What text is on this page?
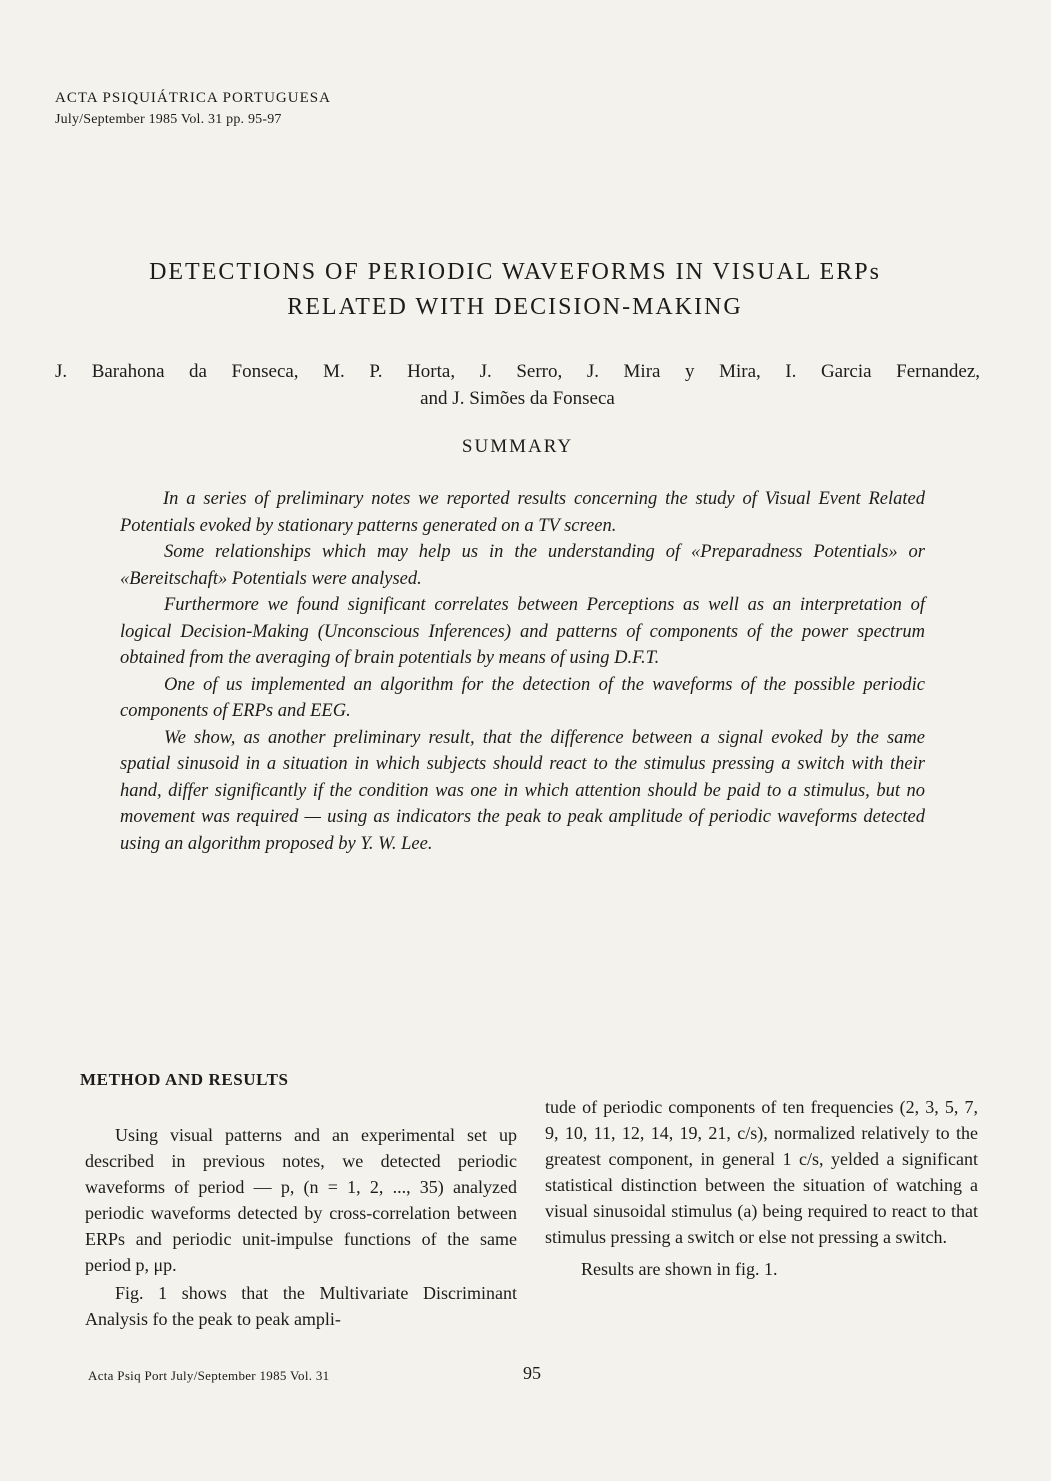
ACTA PSIQUIÁTRICA PORTUGUESA
July/September 1985 Vol. 31 pp. 95-97
DETECTIONS OF PERIODIC WAVEFORMS IN VISUAL ERPs
RELATED WITH DECISION-MAKING
J. Barahona da Fonseca, M. P. Horta, J. Serro, J. Mira y Mira, I. Garcia Fernandez,
and J. Simões da Fonseca
SUMMARY

In a series of preliminary notes we reported results concerning the study of Visual Event Related Potentials evoked by stationary patterns generated on a TV screen.

Some relationships which may help us in the understanding of «Preparadness Potentials» or «Bereitschaft» Potentials were analysed.

Furthermore we found significant correlates between Perceptions as well as an interpretation of logical Decision-Making (Unconscious Inferences) and patterns of components of the power spectrum obtained from the averaging of brain potentials by means of using D.F.T.

One of us implemented an algorithm for the detection of the waveforms of the possible periodic components of ERPs and EEG.

We show, as another preliminary result, that the difference between a signal evoked by the same spatial sinusoid in a situation in which subjects should react to the stimulus pressing a switch with their hand, differ significantly if the condition was one in which attention should be paid to a stimulus, but no movement was required — using as indicators the peak to peak amplitude of periodic waveforms detected using an algorithm proposed by Y. W. Lee.

METHOD AND RESULTS

Using visual patterns and an experimental set up described in previous notes, we detected periodic waveforms of period — p, (n = 1, 2, ..., 35) analyzed periodic waveforms detected by cross-correlation between ERPs and periodic unit-impulse functions of the same period p, μp.

Fig. 1 shows that the Multivariate Discriminant Analysis fo the peak to peak ampli-

tude of periodic components of ten frequencies (2, 3, 5, 7, 9, 10, 11, 12, 14, 19, 21, c/s), normalized relatively to the greatest component, in general 1 c/s, yelded a significant statistical distinction between the situation of watching a visual sinusoidal stimulus (a) being required to react to that stimulus pressing a switch or else not pressing a switch.

Results are shown in fig. 1.

Acta Psiq Port July/September 1985 Vol. 31	95
